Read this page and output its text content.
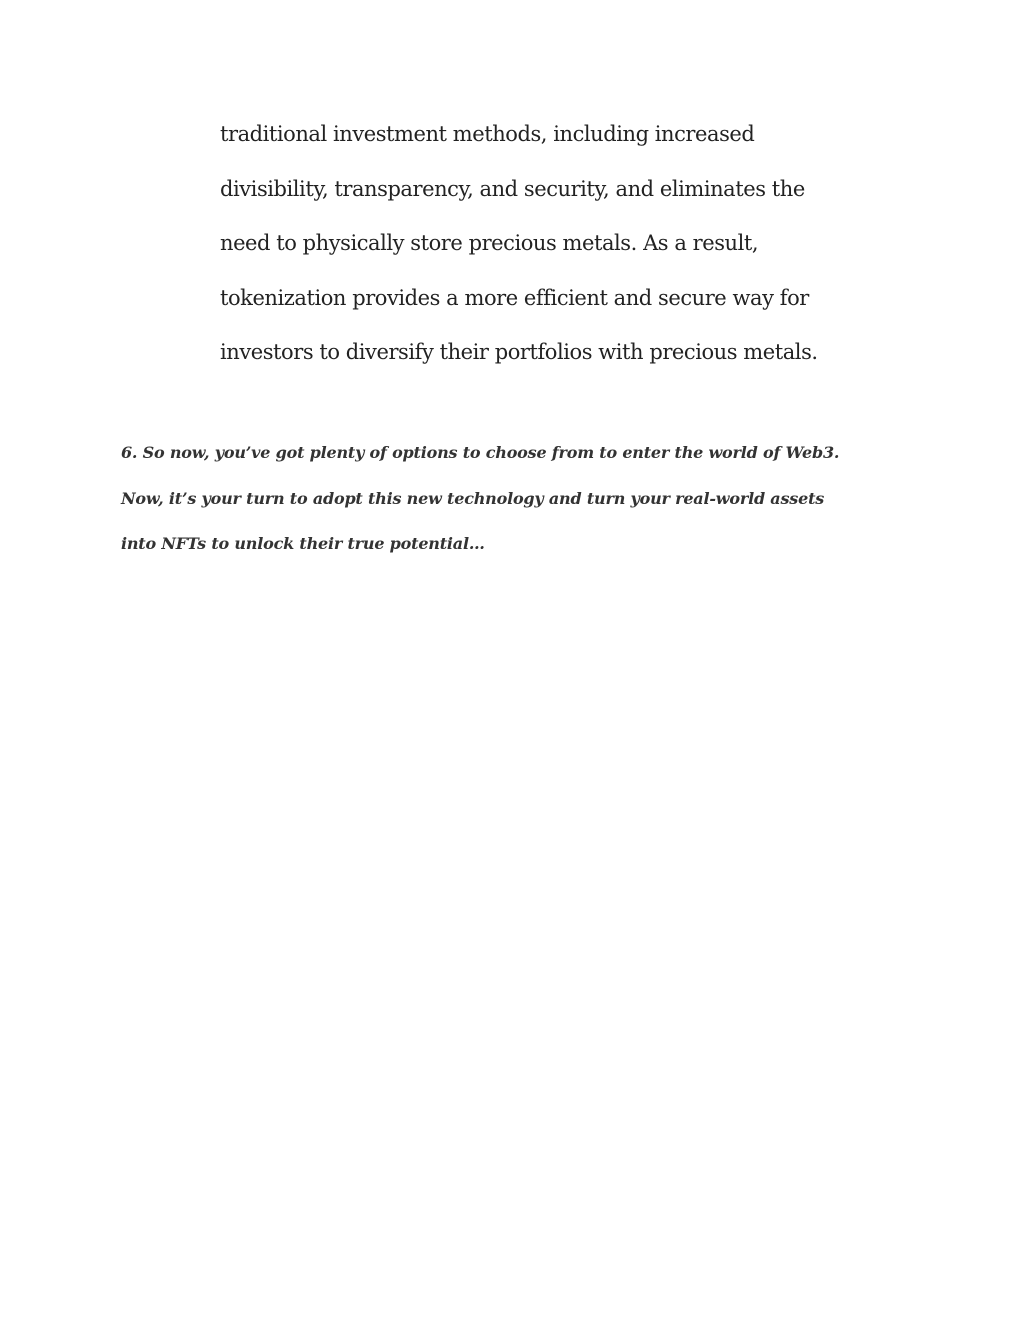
traditional investment methods, including increased
divisibility, transparency, and security, and eliminates the
need to physically store precious metals. As a result,
tokenization provides a more efficient and secure way for
investors to diversify their portfolios with precious metals.
6. So now, you’ve got plenty of options to choose from to enter the world of Web3.
Now, it’s your turn to adopt this new technology and turn your real-world assets
into NFTs to unlock their true potential…
